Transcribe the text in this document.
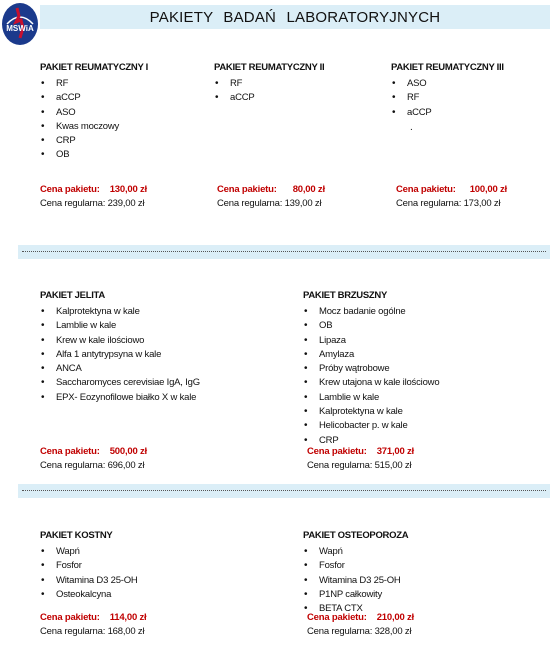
MSWiA
PAKIETY BADAŃ LABORATORYJNYCH
PAKIET REUMATYCZNY I
• RF
• aCCP
• ASO
• Kwas moczowy
• CRP
• OB
Cena pakietu: 130,00 zł
Cena regularna: 239,00 zł
PAKIET REUMATYCZNY II
• RF
• aCCP
Cena pakietu: 80,00 zł
Cena regularna: 139,00 zł
PAKIET REUMATYCZNY III
• ASO
• RF
• aCCP
.
Cena pakietu: 100,00 zł
Cena regularna: 173,00 zł
PAKIET JELITA
• Kalprotektyna w kale
• Lamblie w kale
• Krew w kale ilościowo
• Alfa 1 antytrypsyna w kale
• ANCA
• Saccharomyces cerevisiae IgA, IgG
• EPX- Eozynofilowe białko X w kale
Cena pakietu: 500,00 zł
Cena regularna: 696,00 zł
PAKIET BRZUSZNY
• Mocz badanie ogólne
• OB
• Lipaza
• Amylaza
• Próby wątrobowe
• Krew utajona w kale ilościowo
• Lamblie w kale
• Kalprotektyna w kale
• Helicobacter p. w kale
• CRP
Cena pakietu: 371,00 zł
Cena regularna: 515,00 zł
PAKIET KOSTNY
• Wapń
• Fosfor
• Witamina D3 25-OH
• Osteokalcyna
Cena pakietu: 114,00 zł
Cena regularna: 168,00 zł
PAKIET OSTEOPOROZA
• Wapń
• Fosfor
• Witamina D3 25-OH
• P1NP całkowity
• BETA CTX
Cena pakietu: 210,00 zł
Cena regularna: 328,00 zł
